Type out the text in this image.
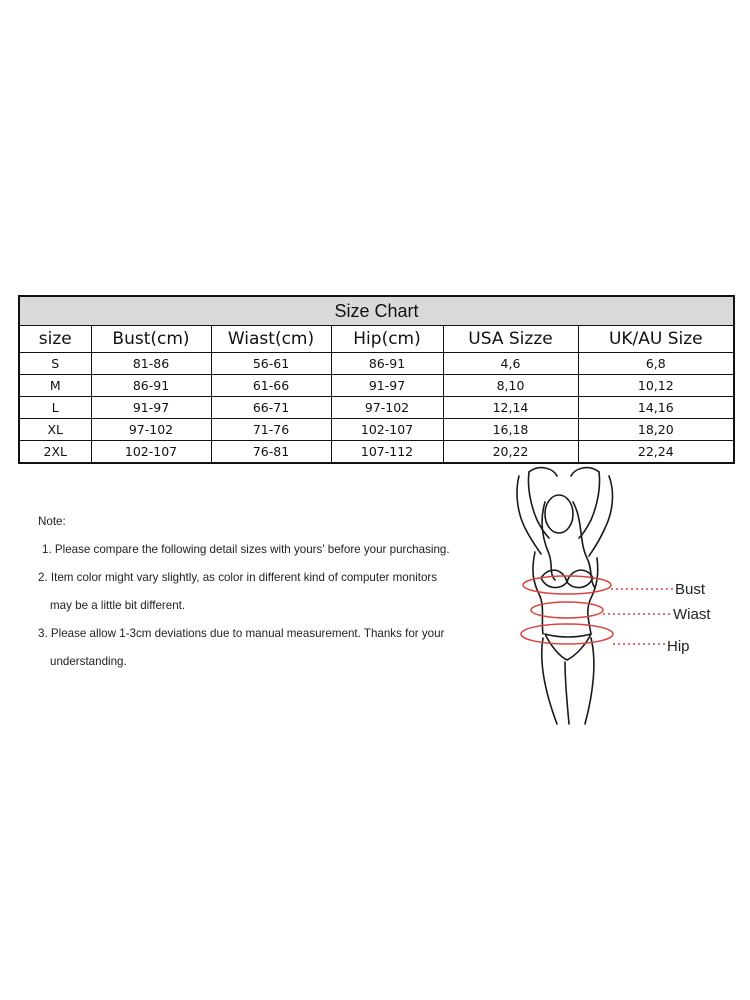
Size Chart					
size	Bust(cm)	Wiast(cm)	Hip(cm)	USA Sizze	UK/AU Size
S	81-86	56-61	86-91	4,6	6,8
M	86-91	61-66	91-97	8,10	10,12
L	91-97	66-71	97-102	12,14	14,16
XL	97-102	71-76	102-107	16,18	18,20
2XL	102-107	76-81	107-112	20,22	22,24

Note:

1. Please compare the following detail sizes with yours' before your purchasing.

2. Item color might vary slightly, as color in different kind of computer monitors

may be a little bit different.

3. Please allow 1-3cm deviations due to manual measurement. Thanks for your

understanding.

Bust
Wiast
Hip
